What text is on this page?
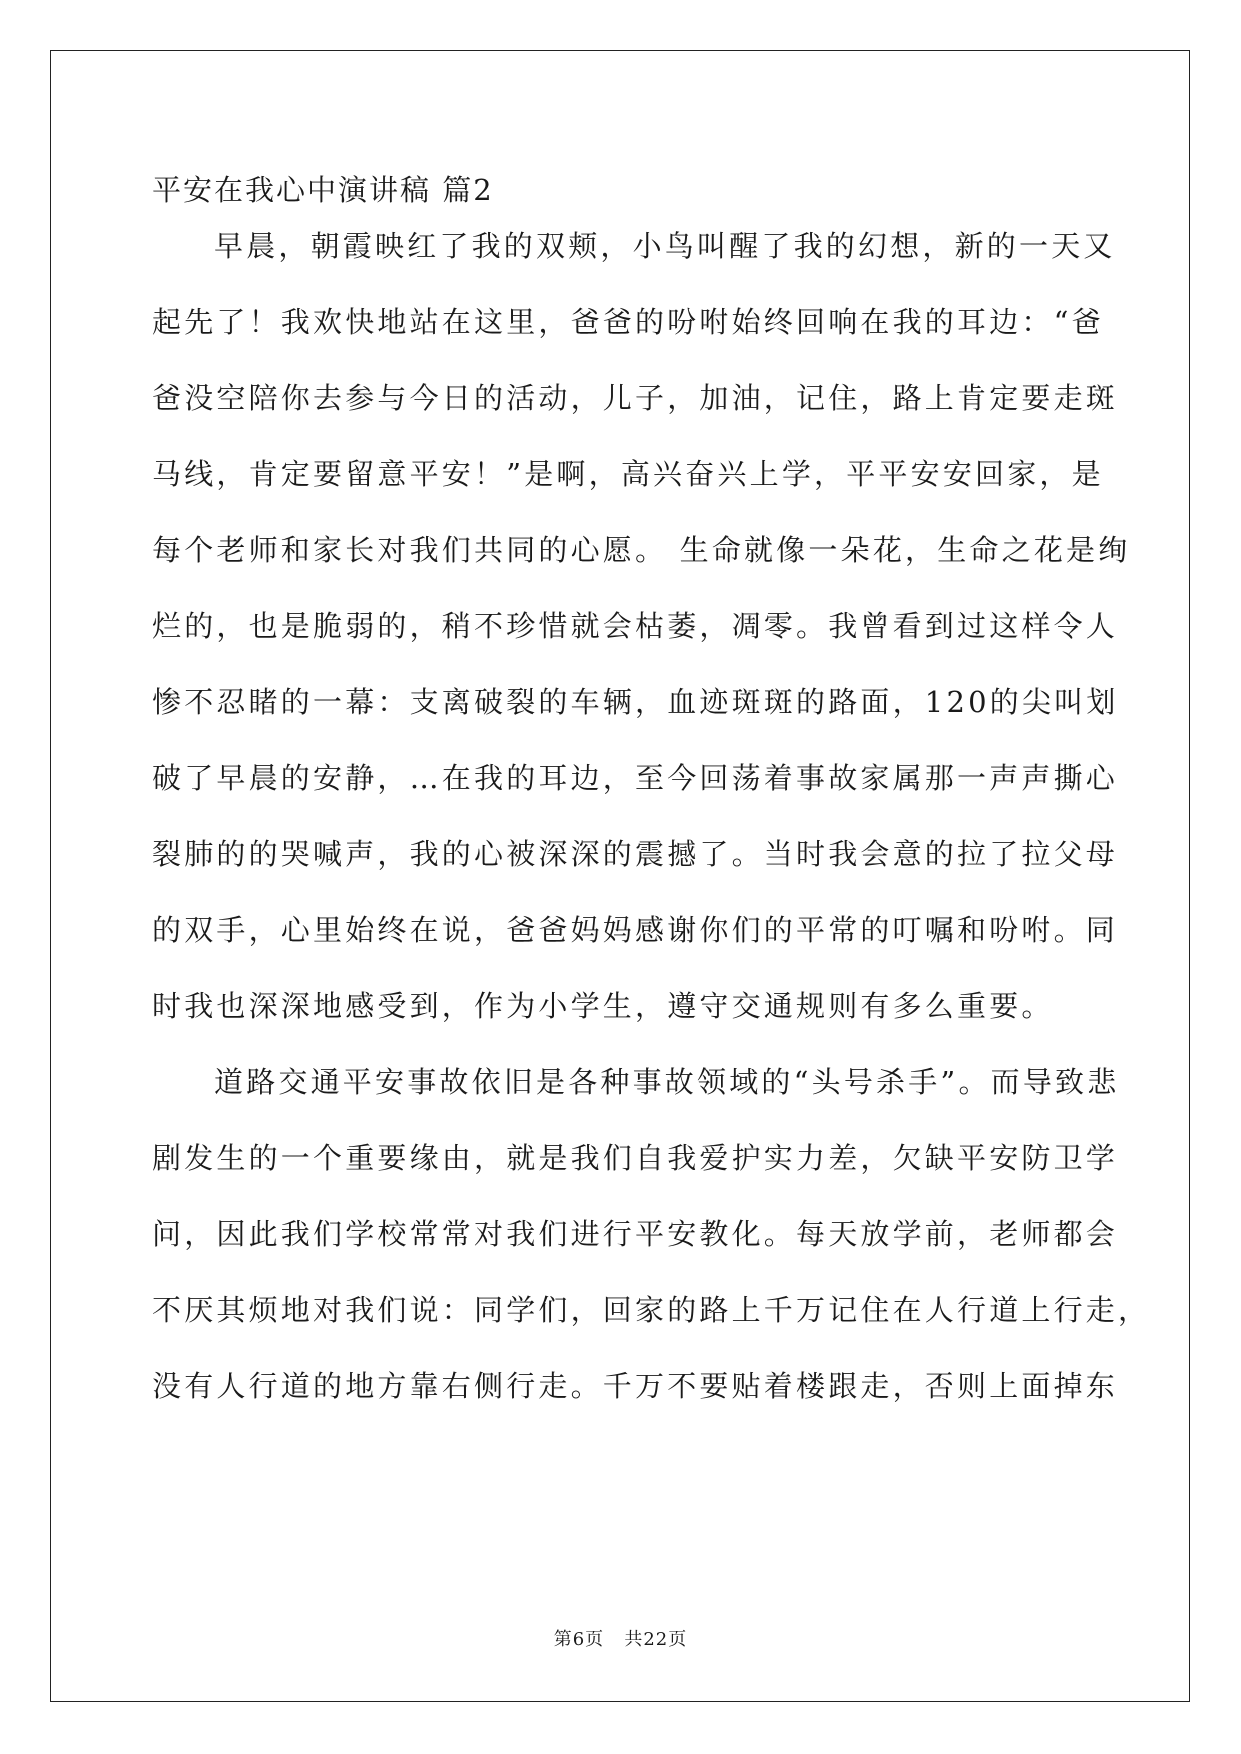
平安在我心中演讲稿 篇2
早晨，朝霞映红了我的双颊，小鸟叫醒了我的幻想，新的一天又
起先了！我欢快地站在这里，爸爸的吩咐始终回响在我的耳边：“爸
爸没空陪你去参与今日的活动，儿子，加油，记住，路上肯定要走斑
马线，肯定要留意平安！”是啊，高兴奋兴上学，平平安安回家，是
每个老师和家长对我们共同的心愿。 生命就像一朵花，生命之花是绚
烂的，也是脆弱的，稍不珍惜就会枯萎，凋零。我曾看到过这样令人
惨不忍睹的一幕：支离破裂的车辆，血迹斑斑的路面，120的尖叫划
破了早晨的安静，…在我的耳边，至今回荡着事故家属那一声声撕心
裂肺的的哭喊声，我的心被深深的震撼了。当时我会意的拉了拉父母
的双手，心里始终在说，爸爸妈妈感谢你们的平常的叮嘱和吩咐。同
时我也深深地感受到，作为小学生，遵守交通规则有多么重要。
道路交通平安事故依旧是各种事故领域的“头号杀手”。而导致悲
剧发生的一个重要缘由，就是我们自我爱护实力差，欠缺平安防卫学
问，因此我们学校常常对我们进行平安教化。每天放学前，老师都会
不厌其烦地对我们说：同学们，回家的路上千万记住在人行道上行走，
没有人行道的地方靠右侧行走。千万不要贴着楼跟走，否则上面掉东
第6页 共22页
